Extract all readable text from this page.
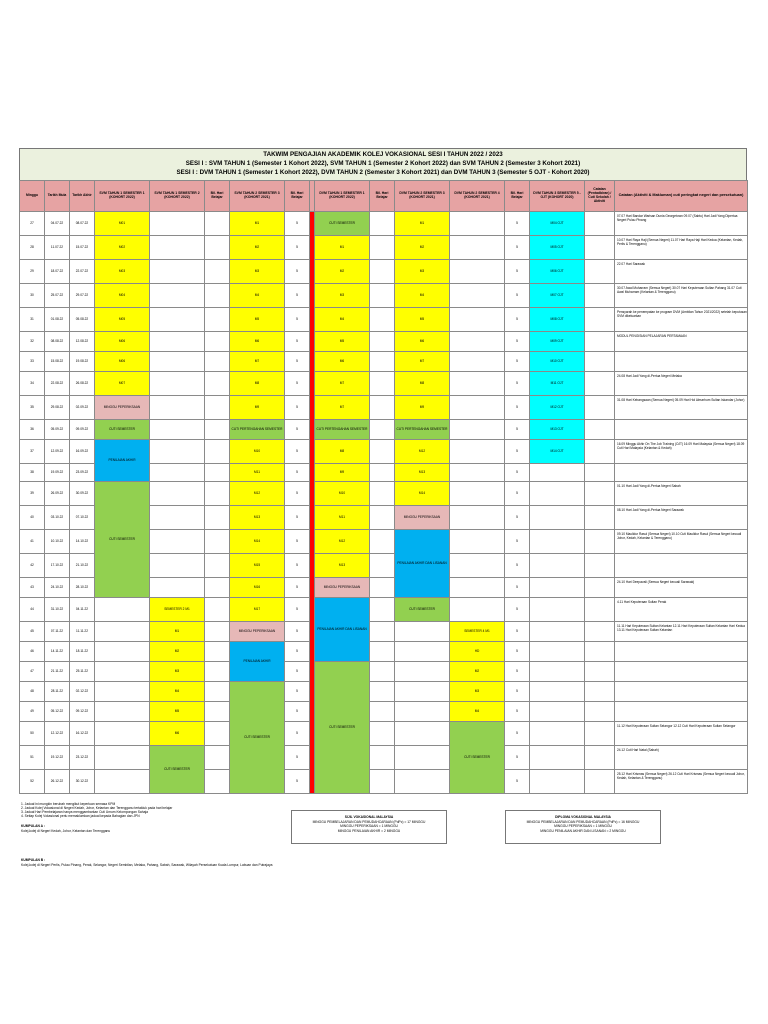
TAKWIM PENGAJIAN AKADEMIK KOLEJ VOKASIONAL SESI I TAHUN 2022 / 2023
SESI I : SVM TAHUN 1 (Semester 1 Kohort 2022), SVM TAHUN 1 (Semester 2 Kohort 2022) dan SVM TAHUN 2 (Semester 3 Kohort 2021)
SESI I : DVM TAHUN 1 (Semester 1 Kohort 2022), DVM TAHUN 2 (Semester 3 Kohort 2021) dan DVM TAHUN 3 (Semester 5 OJT - Kohort 2020)
Minggu	Tarikh Mula	Tarikh Akhir	SVM TAHUN 1 SEMESTER 1 (KOHORT 2022)	SVM TAHUN 1 SEMESTER 2 (KOHORT 2022)	Bil. Hari Belajar	SVM TAHUN 2 SEMESTER 3 (KOHORT 2021)	Bil. Hari Belajar		DVM TAHUN 1 SEMESTER 1 (KOHORT 2022)	Bil. Hari Belajar	DVM TAHUN 2 SEMESTER 3 (KOHORT 2021)	DVM TAHUN 2 SEMESTER 4 (KOHORT 2021)	Bil. Hari Belajar	DVM TAHUN 3 SEMESTER 5 - OJT (KOHORT 2020)	Catatan (Pentadbiran) / Cuti Sekolah / Aktiviti	Catatan (Aktiviti & Makluman) cuti peringkat negeri dan persekutuan)
27	04.07.22	08.07.22	M01			M1	5		CUTI SEMESTER		M1		5	M04 OJT		07.07 Hari Bandar Warisan Dunia Georgetown 09.07 (Sabtu) Hari Jadi Yang Dipertua Negeri Pulau Pinang
28	11.07.22	15.07.22	M02			M2	5		M1		M2		5	M05 OJT		10.07 Hari Raya Haji (Semua Negeri) 11.07 Hari Raya Haji Hari Kedua (Kelantan, Kedah, Perlis & Terengganu)
29	18.07.22	22.07.22	M03			M3	5		M2		M3		5	M06 OJT		22.07 Hari Sarawak
30	25.07.22	29.07.22	M04			M4	5		M3		M4		5	M07 OJT		30.07 Awal Muharram (Semua Negeri) 30.07 Hari Keputeraan Sultan Pahang 31.07 Cuti Awal Muharram (Kelantan & Terengganu)
31	01.08.22	05.08.22	M05			M5	5		M4		M5		5	M08 OJT		Pensyarah ke penempatan ke program DVM (Ambilan Tahun 2021/2022) setelah keputusan SVM dikeluarkan
32	08.08.22	12.08.22	M06			M6	5		M5		M6		5	M09 OJT		MODUL PENGISIAN PELAJARAN PERTAMAAN
33	15.08.22	19.08.22	M06			M7	5		M6		M7		5	M10 OJT		
34	22.08.22	26.08.22	M07			M8	5		M7		M8		5	M11 OJT		24.08 Hari Jadi Yang di-Pertua Negeri Melaka
35	29.08.22	02.09.22	MINGGU PEPERIKSAAN			M9	5		M7		M9		5	M12 OJT		31.08 Hari Kebangsaan (Semua Negeri) 05.09 Hari Hol Almarhum Sultan Iskandar (Johor)
36	05.09.22	09.09.22	CUTI SEMESTER			CUTI PERTENGAHAN SEMESTER	5		CUTI PERTENGAHAN SEMESTER		CUTI PERTENGAHAN SEMESTER		5	M13 OJT		
37	12.09.22	16.09.22	PENILAIAN AKHIR			M10	5		M8		M12		5	M14 OJT		16.09 Minggu Akhir On The Job Training (OJT) 16.09 Hari Malaysia (Semua Negeri) 18.09 Cuti Hari Malaysia (Kelantan & Kedah)
38	19.09.22	23.09.22				M11	5		M9		M13		5			
39	26.09.22	30.09.22	CUTI SEMESTER			M12	5		M10		M14		5			01.10 Hari Jadi Yang di-Pertua Negeri Sabah
40	03.10.22	07.10.22				M13	5		M11		MINGGU PEPERIKSAAN		5			08.10 Hari Jadi Yang di-Pertua Negeri Sarawak
41	10.10.22	14.10.22				M14	5		M12		PENILAIAN AKHIR DAN LISANAN		5			09.10 Maulidur Rasul (Semua Negeri) 10.10 Cuti Maulidur Rasul (Semua Negeri kecuali Johor, Kedah, Kelantan & Terengganu)
42	17.10.22	21.10.22				M15	5		M13				5			
43	24.10.22	28.10.22				M16	5		MINGGU PEPERIKSAAN				5			24.10 Hari Deepavali (Semua Negeri kecuali Sarawak)
44	31.10.22	04.11.22		SEMESTER 2 M1		M17	5		PENILAIAN AKHIR DAN LISANAN		CUTI SEMESTER		5			4.11 Hari Keputeraan Sultan Perak
45	07.11.22	11.11.22		M1		MINGGU PEPERIKSAAN	5					SEMESTER 4 M1	5			11.11 Hari Keputeraan Sultan Kelantan 12.11 Hari Keputeraan Sultan Kelantan Hari Kedua 13.11 Hari Keputeraan Sultan Kelantan
46	14.11.22	18.11.22		M2		PENILAIAN AKHIR	5					HD	5			
47	21.11.22	25.11.22		M3			5		CUTI SEMESTER			M2	5			
48	28.11.22	02.12.22		M4		CUTI SEMESTER	5					M3	5			
49	05.12.22	09.12.22		M5			5					M4	5			
50	12.12.22	16.12.22		M6			5					CUTI SEMESTER	5			11.12 Hari Keputeraan Sultan Selangor 12.12 Cuti Hari Keputeraan Sultan Selangor
51	19.12.22	23.12.22		CUTI SEMESTER			5						5			24.12 Cuti Hari Natal (Sabah)
52	26.12.22	30.12.22					5						5			25.12 Hari Krismas (Semua Negeri) 26.12 Cuti Hari Krismas (Semua Negeri kecuali Johor, Kedah, Kelantan & Terengganu)
1. Jadual ini mungkin berubah mengikut keperluan semasa KPM
2. Jadual Kolej Vokasional di Negeri Kedah, Johor, Kelantan dan Terengganu tertakluk pada hari belajar
3. Jadual Hari Pembelajaran hanya menggambarkan Cuti Umum Kelompongan Sahaja
4. Setiap Kolej Vokasional perlu memaklumkan jadual kepada Bahagian dan JPN
KUMPULAN A :
Kolej-kolej di Negeri Kedah, Johor, Kelantan dan Terengganu
KUMPULAN B :
Kolej-kolej di Negeri Perlis, Pulau Pinang, Perak, Selangor, Negeri Sembilan, Melaka, Pahang, Sabah, Sarawak, Wilayah Persekutuan Kuala Lumpur, Labuan dan Putrajaya
SIJIL VOKASIONAL MALAYSIA
MINGGU PEMBELAJARAN DAN PEMUDAHCARAAN (PdPc) = 17 MINGGU
MINGGU PEPERIKSAAN = 1 MINGGU
MINGGU PENILAIAN AKHIR = 2 MINGGU
DIPLOMA VOKASIONAL MALAYSIA
MINGGU PEMBELAJARAN DAN PEMUDAHCARAAN (PdPc) = 16 MINGGU
MINGGU PEPERIKSAAN = 1 MINGGU
MINGGU PENILAIAN AKHIR DAN LISANAN = 2 MINGGU
